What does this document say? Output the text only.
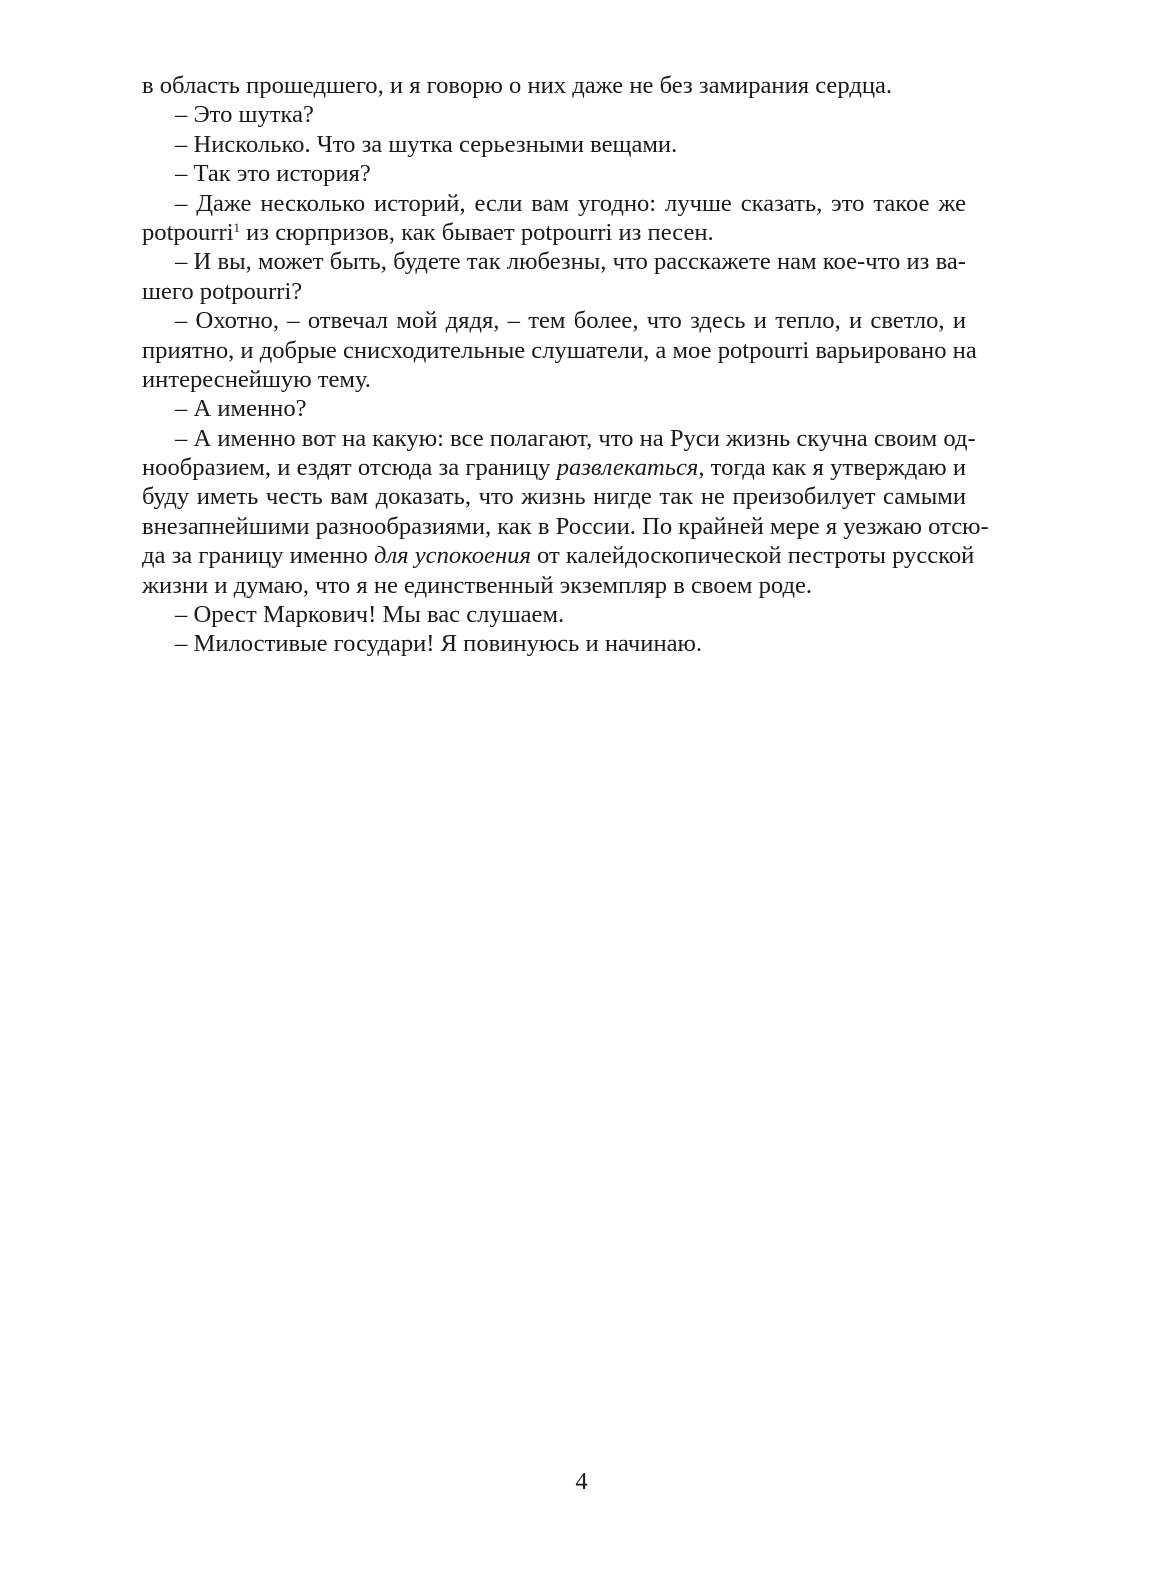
в область прошедшего, и я говорю о них даже не без замирания сердца.
– Это шутка?
– Нисколько. Что за шутка серьезными вещами.
– Так это история?
– Даже несколько историй, если вам угодно: лучше сказать, это такое же
potpourri$^1$ из сюрпризов, как бывает potpourri из песен.
– И вы, может быть, будете так любезны, что расскажете нам кое-что из ва-
шего potpourri?
– Охотно, – отвечал мой дядя, – тем более, что здесь и тепло, и светло, и
приятно, и добрые снисходительные слушатели, а мое potpourri варьировано на
интереснейшую тему.
– А именно?
– А именно вот на какую: все полагают, что на Руси жизнь скучна своим од-
нообразием, и ездят отсюда за границу развлекаться, тогда как я утверждаю и
буду иметь честь вам доказать, что жизнь нигде так не преизобилует самыми
внезапнейшими разнообразиями, как в России. По крайней мере я уезжаю отсю-
да за границу именно для успокоения от калейдоскопической пестроты русской
жизни и думаю, что я не единственный экземпляр в своем роде.
– Орест Маркович! Мы вас слушаем.
– Милостивые государи! Я повинуюсь и начинаю.
4
